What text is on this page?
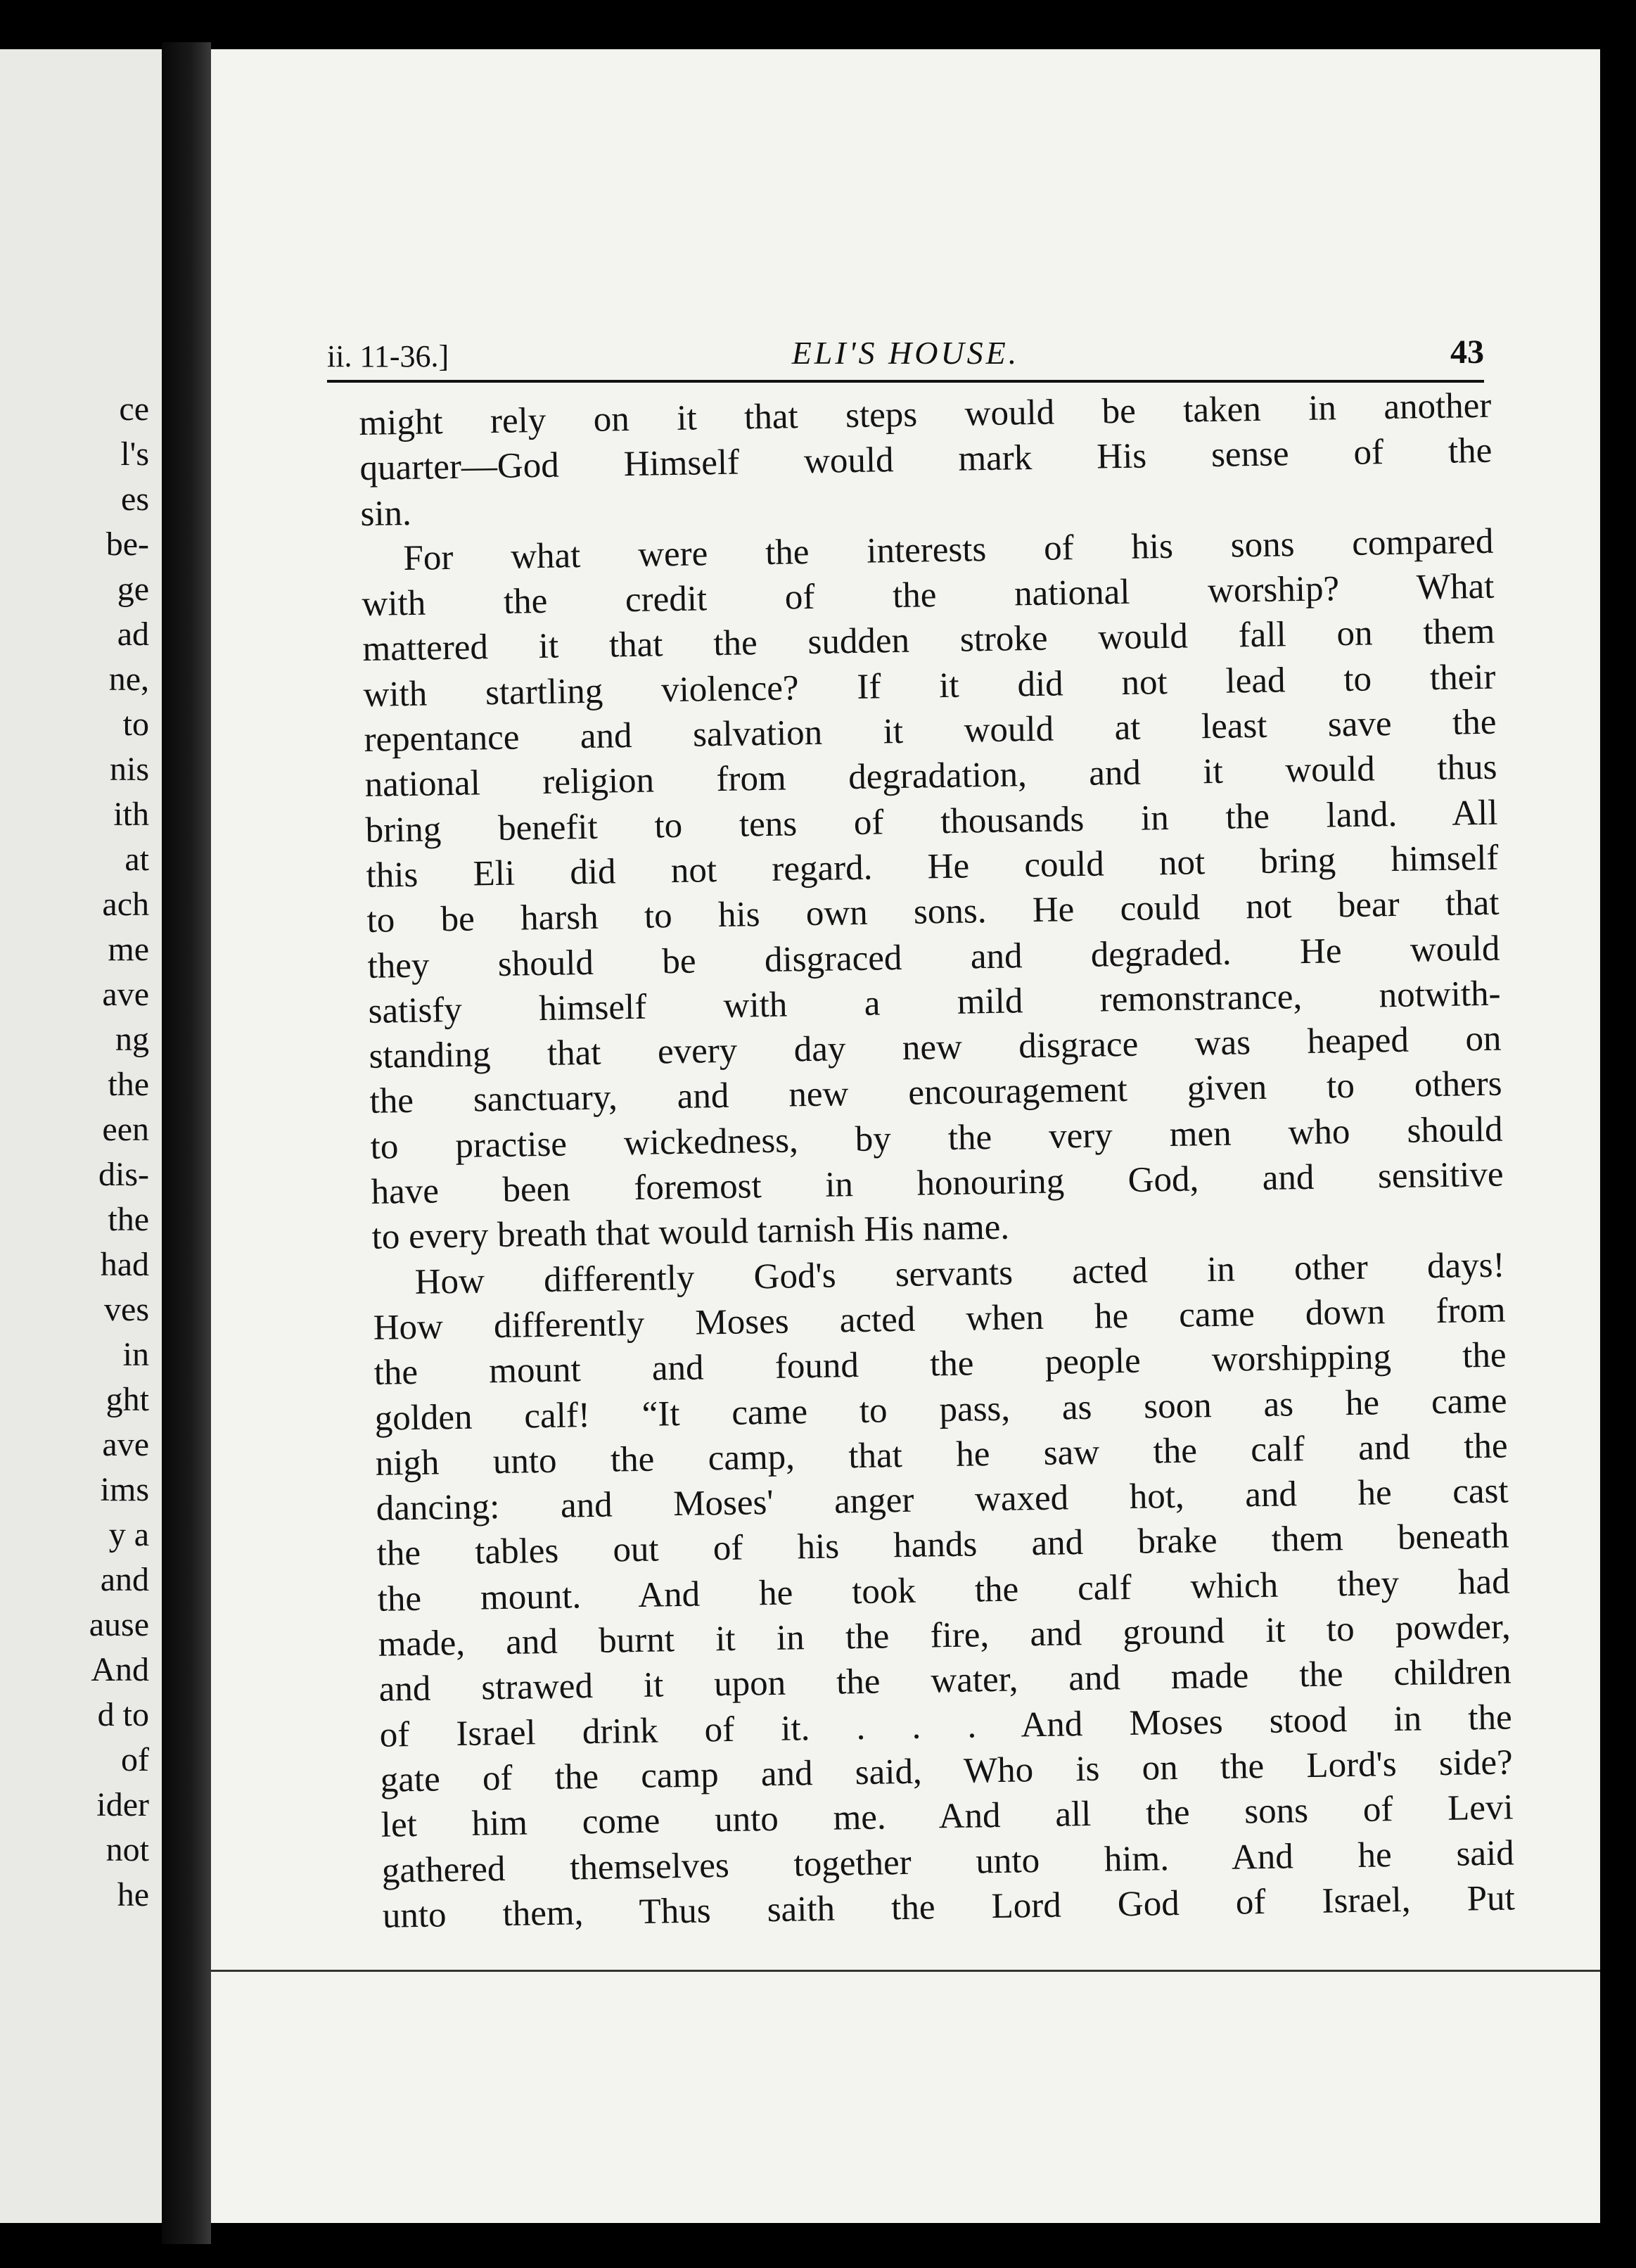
ce
l's
es
be-
ge
ad
ne,
to
nis
ith
at
ach
me
ave
ng
the
een
dis-
the
had
ves
in
ght
ave
ims
y a
and
ause
And
d to
of
ider
not
he
ii. 11-36.]	ELI'S HOUSE.	43
might rely on it that steps would be taken in another
quarter—God Himself would mark His sense of the
sin.
For what were the interests of his sons compared
with the credit of the national worship? What
mattered it that the sudden stroke would fall on them
with startling violence? If it did not lead to their
repentance and salvation it would at least save the
national religion from degradation, and it would thus
bring benefit to tens of thousands in the land. All
this Eli did not regard. He could not bring himself
to be harsh to his own sons. He could not bear that
they should be disgraced and degraded. He would
satisfy himself with a mild remonstrance, notwith-
standing that every day new disgrace was heaped on
the sanctuary, and new encouragement given to others
to practise wickedness, by the very men who should
have been foremost in honouring God, and sensitive
to every breath that would tarnish His name.
How differently God's servants acted in other days!
How differently Moses acted when he came down from
the mount and found the people worshipping the
golden calf! “It came to pass, as soon as he came
nigh unto the camp, that he saw the calf and the
dancing: and Moses' anger waxed hot, and he cast
the tables out of his hands and brake them beneath
the mount. And he took the calf which they had
made, and burnt it in the fire, and ground it to powder,
and strawed it upon the water, and made the children
of Israel drink of it. . . . And Moses stood in the
gate of the camp and said, Who is on the Lord's side?
let him come unto me. And all the sons of Levi
gathered themselves together unto him. And he said
unto them, Thus saith the Lord God of Israel, Put
